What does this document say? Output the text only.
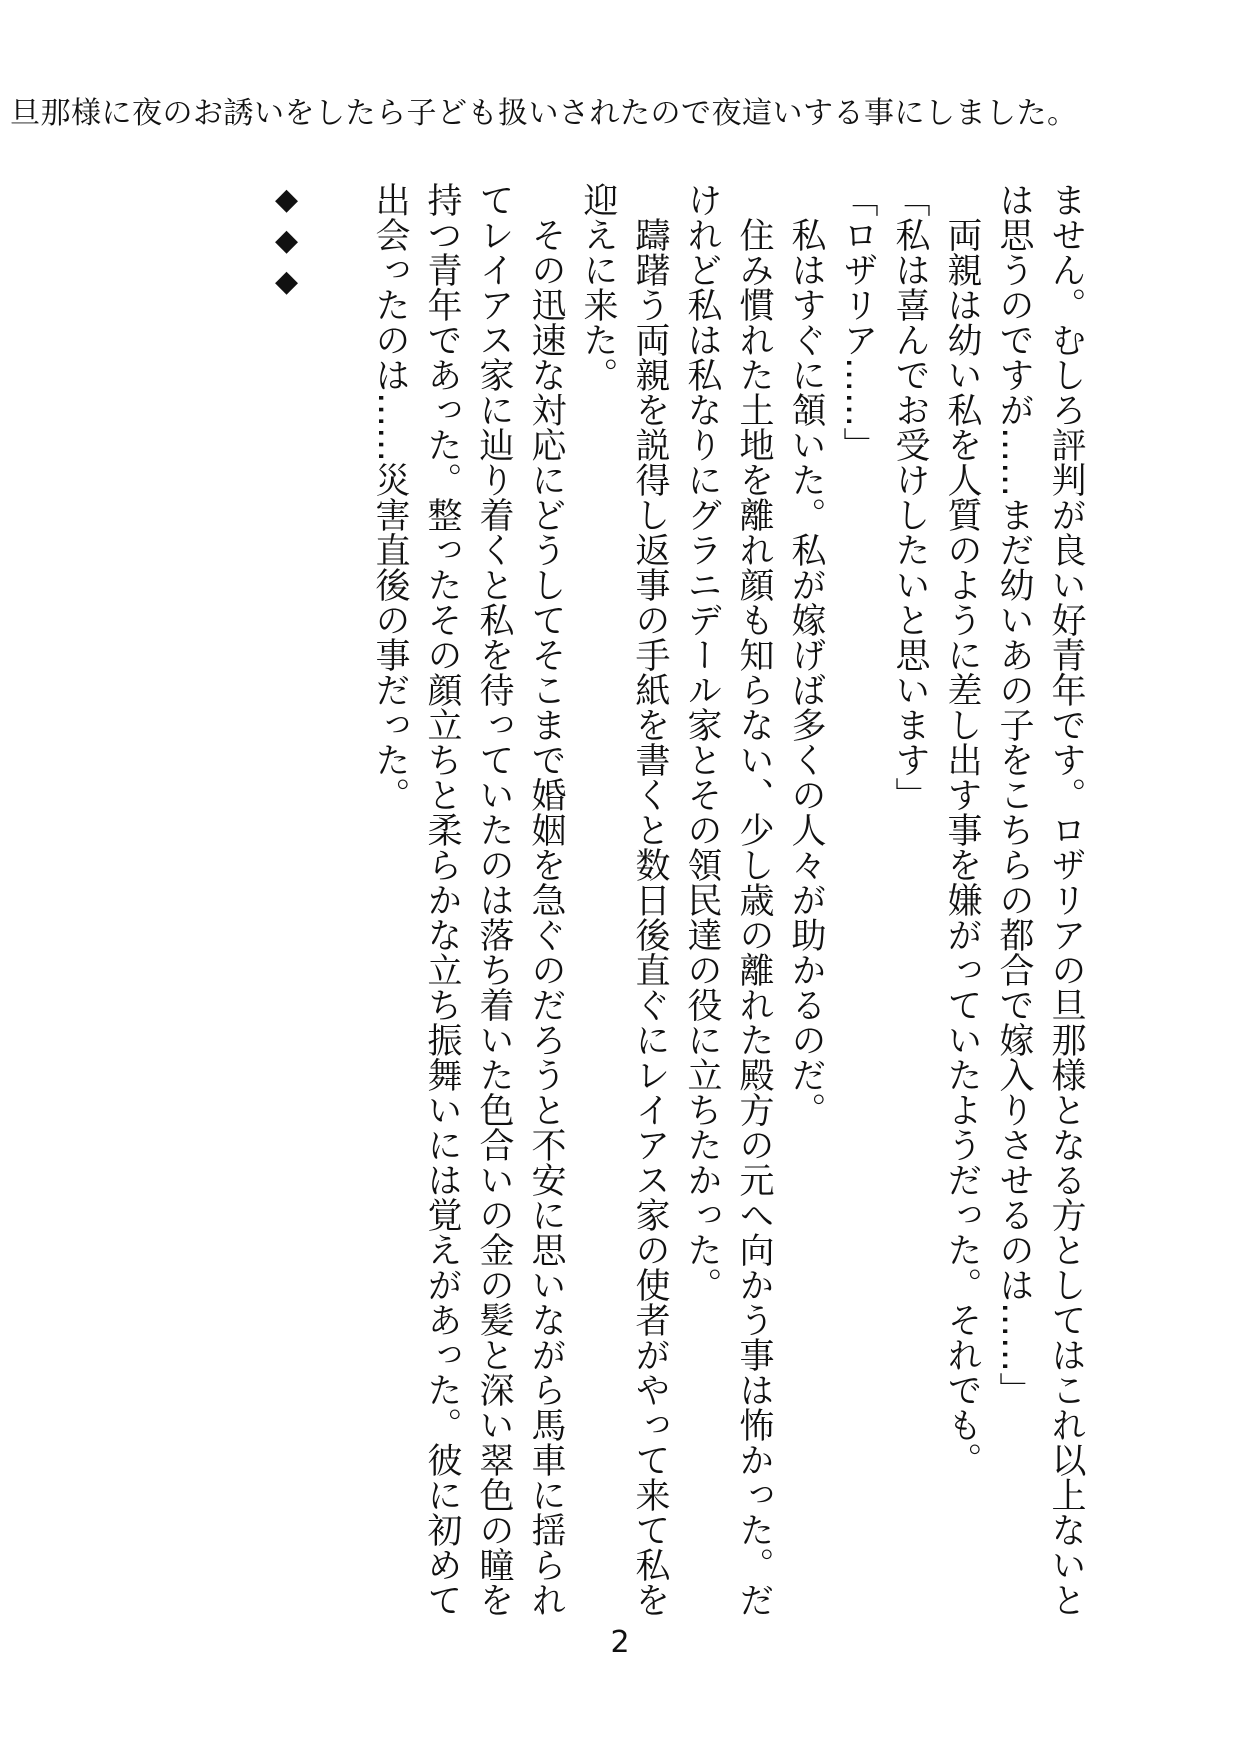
旦那様に夜のお誘いをしたら子ども扱いされたので夜這いする事にしました。
ません。むしろ評判が良い好青年です。ロザリアの旦那様となる方としてはこれ以上ないと
は思うのですが……まだ幼いあの子をこちらの都合で嫁入りさせるのは……」
　両親は幼い私を人質のように差し出す事を嫌がっていたようだった。それでも。
「私は喜んでお受けしたいと思います」
「ロザリア……」
　私はすぐに頷いた。私が嫁げば多くの人々が助かるのだ。
　住み慣れた土地を離れ顔も知らない、少し歳の離れた殿方の元へ向かう事は怖かった。だ
けれど私は私なりにグラニデール家とその領民達の役に立ちたかった。
　躊躇う両親を説得し返事の手紙を書くと数日後直ぐにレイアス家の使者がやって来て私を
迎えに来た。
　その迅速な対応にどうしてそこまで婚姻を急ぐのだろうと不安に思いながら馬車に揺られ
てレイアス家に辿り着くと私を待っていたのは落ち着いた色合いの金の髪と深い翠色の瞳を
持つ青年であった。整ったその顔立ちと柔らかな立ち振舞いには覚えがあった。彼に初めて
出会ったのは……災害直後の事だった。
◆◆◆
2
